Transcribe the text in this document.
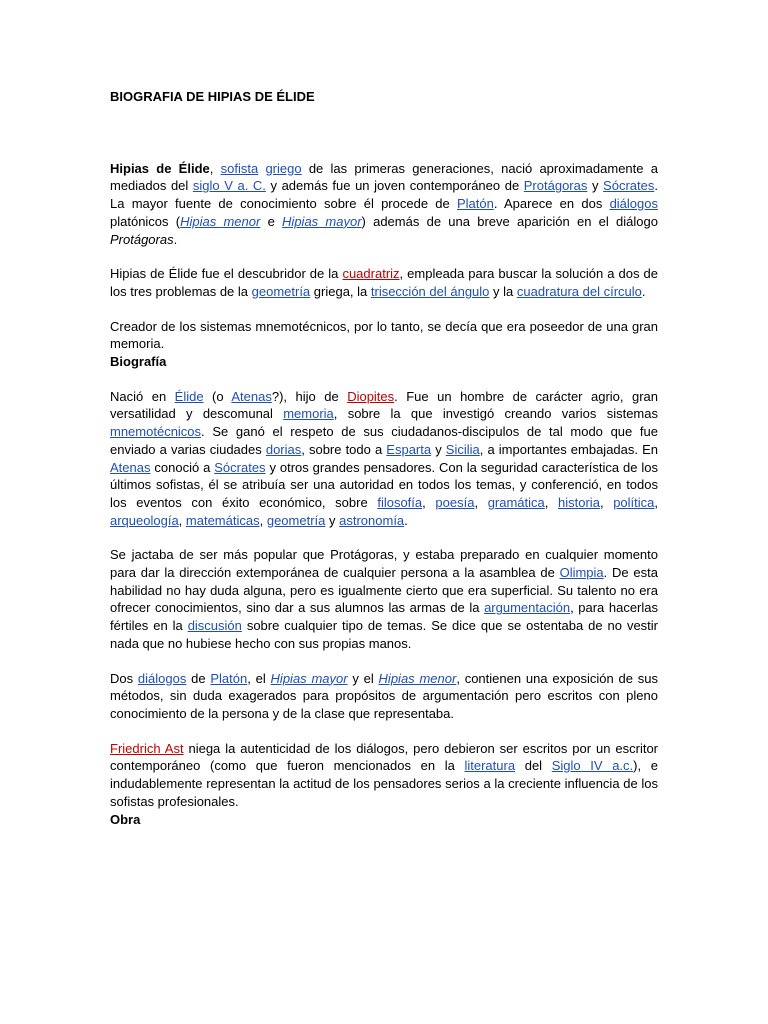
BIOGRAFIA DE HIPIAS DE ÉLIDE

Hipias de Élide, sofista griego de las primeras generaciones, nació aproximadamente a mediados del siglo V a. C. y además fue un joven contemporáneo de Protágoras y Sócrates. La mayor fuente de conocimiento sobre él procede de Platón. Aparece en dos diálogos platónicos (Hipias menor e Hipias mayor) además de una breve aparición en el diálogo Protágoras.

Hipias de Élide fue el descubridor de la cuadratriz, empleada para buscar la solución a dos de los tres problemas de la geometría griega, la trisección del ángulo y la cuadratura del círculo.

Creador de los sistemas mnemotécnicos, por lo tanto, se decía que era poseedor de una gran memoria.

Biografía

Nació en Élide (o Atenas?), hijo de Diopites. Fue un hombre de carácter agrio, gran versatilidad y descomunal memoria, sobre la que investigó creando varios sistemas mnemotécnicos. Se ganó el respeto de sus ciudadanos-discipulos de tal modo que fue enviado a varias ciudades dorias, sobre todo a Esparta y Sicilia, a importantes embajadas. En Atenas conoció a Sócrates y otros grandes pensadores. Con la seguridad característica de los últimos sofistas, él se atribuía ser una autoridad en todos los temas, y conferenció, en todos los eventos con éxito económico, sobre filosofía, poesía, gramática, historia, política, arqueología, matemáticas, geometría y astronomía.

Se jactaba de ser más popular que Protágoras, y estaba preparado en cualquier momento para dar la dirección extemporánea de cualquier persona a la asamblea de Olimpia. De esta habilidad no hay duda alguna, pero es igualmente cierto que era superficial. Su talento no era ofrecer conocimientos, sino dar a sus alumnos las armas de la argumentación, para hacerlas fértiles en la discusión sobre cualquier tipo de temas. Se dice que se ostentaba de no vestir nada que no hubiese hecho con sus propias manos.

Dos diálogos de Platón, el Hipias mayor y el Hipias menor, contienen una exposición de sus métodos, sin duda exagerados para propósitos de argumentación pero escritos con pleno conocimiento de la persona y de la clase que representaba.

Friedrich Ast niega la autenticidad de los diálogos, pero debieron ser escritos por un escritor contemporáneo (como que fueron mencionados en la literatura del Siglo IV a.c.), e indudablemente representan la actitud de los pensadores serios a la creciente influencia de los sofistas profesionales.

Obra
